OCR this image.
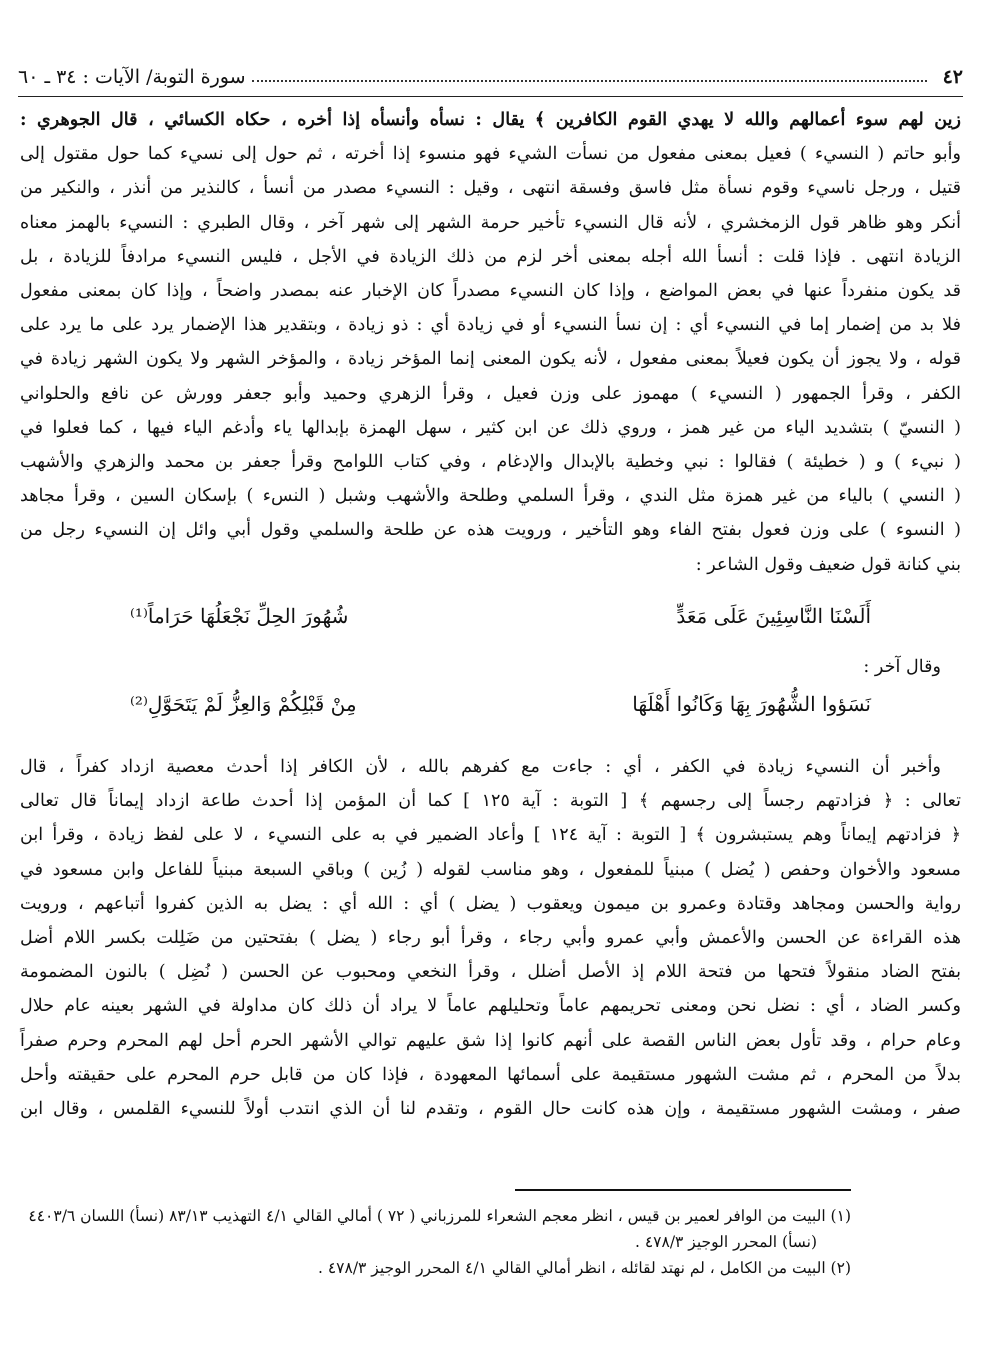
٤٢
سورة التوبة/ الآيات : ٣٤ ـ ٦٠

زين لهم سوء أعمالهم والله لا يهدي القوم الكافرين ﴾ يقال : نسأه وأنسأه إذا أخره ، حكاه الكسائي ، قال الجوهري :

وأبو حاتم ( النسيء ) فعيل بمعنى مفعول من نسأت الشيء فهو منسوء إذا أخرته ، ثم حول إلى نسيء كما حول مقتول إلى

قتيل ، ورجل ناسيء وقوم نسأة مثل فاسق وفسقة انتهى ، وقيل : النسيء مصدر من أنسأ ، كالنذير من أنذر ، والنكير من

أنكر وهو ظاهر قول الزمخشري ، لأنه قال النسيء تأخير حرمة الشهر إلى شهر آخر ، وقال الطبري : النسيء بالهمز معناه

الزيادة انتهى . فإذا قلت : أنسأ الله أجله بمعنى أخر لزم من ذلك الزيادة في الأجل ، فليس النسيء مرادفاً للزيادة ، بل

قد يكون منفرداً عنها في بعض المواضع ، وإذا كان النسيء مصدراً كان الإخبار عنه بمصدر واضحاً ، وإذا كان بمعنى مفعول

فلا بد من إضمار إما في النسيء أي : إن نسأ النسيء أو في زيادة أي : ذو زيادة ، وبتقدير هذا الإضمار يرد على ما يرد على

قوله ، ولا يجوز أن يكون فعيلاً بمعنى مفعول ، لأنه يكون المعنى إنما المؤخر زيادة ، والمؤخر الشهر ولا يكون الشهر زيادة في

الكفر ، وقرأ الجمهور ( النسيء ) مهموز على وزن فعيل ، وقرأ الزهري وحميد وأبو جعفر وورش عن نافع والحلواني

( النسيّ ) بتشديد الياء من غير همز ، وروي ذلك عن ابن كثير ، سهل الهمزة بإبدالها ياء وأدغم الياء فيها ، كما فعلوا في

( نبيء ) و ( خطيئة ) فقالوا : نبي وخطية بالإبدال والإدغام ، وفي كتاب اللوامح وقرأ جعفر بن محمد والزهري والأشهب

( النسي ) بالياء من غير همزة مثل الندي ، وقرأ السلمي وطلحة والأشهب وشبل ( النسء ) بإسكان السين ، وقرأ مجاهد

( النسوء ) على وزن فعول بفتح الفاء وهو التأخير ، ورويت هذه عن طلحة والسلمي وقول أبي وائل إن النسيء رجل من

بني كنانة قول ضعيف وقول الشاعر :

أَلَسْنَا النَّاسِئِينَ عَلَى مَعَدٍّ
شُهُورَ الحِلِّ نَجْعَلُهَا حَرَاماً⁽¹⁾

وقال آخر :

نَسَؤوا الشُّهُورَ بِهَا وَكَانُوا أَهْلَهَا
مِنْ قَبْلِكُمْ وَالعِزُّ لَمْ يَتَحَوَّلِ⁽²⁾

وأخبر أن النسيء زيادة في الكفر ، أي : جاءت مع كفرهم بالله ، لأن الكافر إذا أحدث معصية ازداد كفراً ، قال

تعالى : ﴿ فزادتهم رجساً إلى رجسهم ﴾ [ التوبة : آية ١٢٥ ] كما أن المؤمن إذا أحدث طاعة ازداد إيماناً قال تعالى

﴿ فزادتهم إيماناً وهم يستبشرون ﴾ [ التوبة : آية ١٢٤ ] وأعاد الضمير في به على النسيء ، لا على لفظ زيادة ، وقرأ ابن

مسعود والأخوان وحفص ( يُضل ) مبنياً للمفعول ، وهو مناسب لقوله ( زُين ) وباقي السبعة مبنياً للفاعل وابن مسعود في

رواية والحسن ومجاهد وقتادة وعمرو بن ميمون ويعقوب ( يضل ) أي : الله أي : يضل به الذين كفروا أتباعهم ، ورويت

هذه القراءة عن الحسن والأعمش وأبي عمرو وأبي رجاء ، وقرأ أبو رجاء ( يضل ) بفتحتين من ضَلِلت بكسر اللام أضل

بفتح الضاد منقولاً فتحها من فتحة اللام إذ الأصل أضلل ، وقرأ النخعي ومحبوب عن الحسن ( نُضِل ) بالنون المضمومة

وكسر الضاد ، أي : نضل نحن ومعنى تحريمهم عاماً وتحليلهم عاماً لا يراد أن ذلك كان مداولة في الشهر بعينه عام حلال

وعام حرام ، وقد تأول بعض الناس القصة على أنهم كانوا إذا شق عليهم توالي الأشهر الحرم أحل لهم المحرم وحرم صفراً

بدلاً من المحرم ، ثم مشت الشهور مستقيمة على أسمائها المعهودة ، فإذا كان من قابل حرم المحرم على حقيقته وأحل

صفر ، ومشت الشهور مستقيمة ، وإن هذه كانت حال القوم ، وتقدم لنا أن الذي انتدب أولاً للنسيء القلمس ، وقال ابن

(١) البيت من الوافر لعمير بن قيس ، انظر معجم الشعراء للمرزباني ( ٧٢ ) أمالي القالي ٤/١ التهذيب ٨٣/١٣ (نسأ) اللسان ٤٤٠٣/٦

(نسأ) المحرر الوجيز ٤٧٨/٣ .

(٢) البيت من الكامل ، لم نهتد لقائله ، انظر أمالي القالي ٤/١ المحرر الوجيز ٤٧٨/٣ .
